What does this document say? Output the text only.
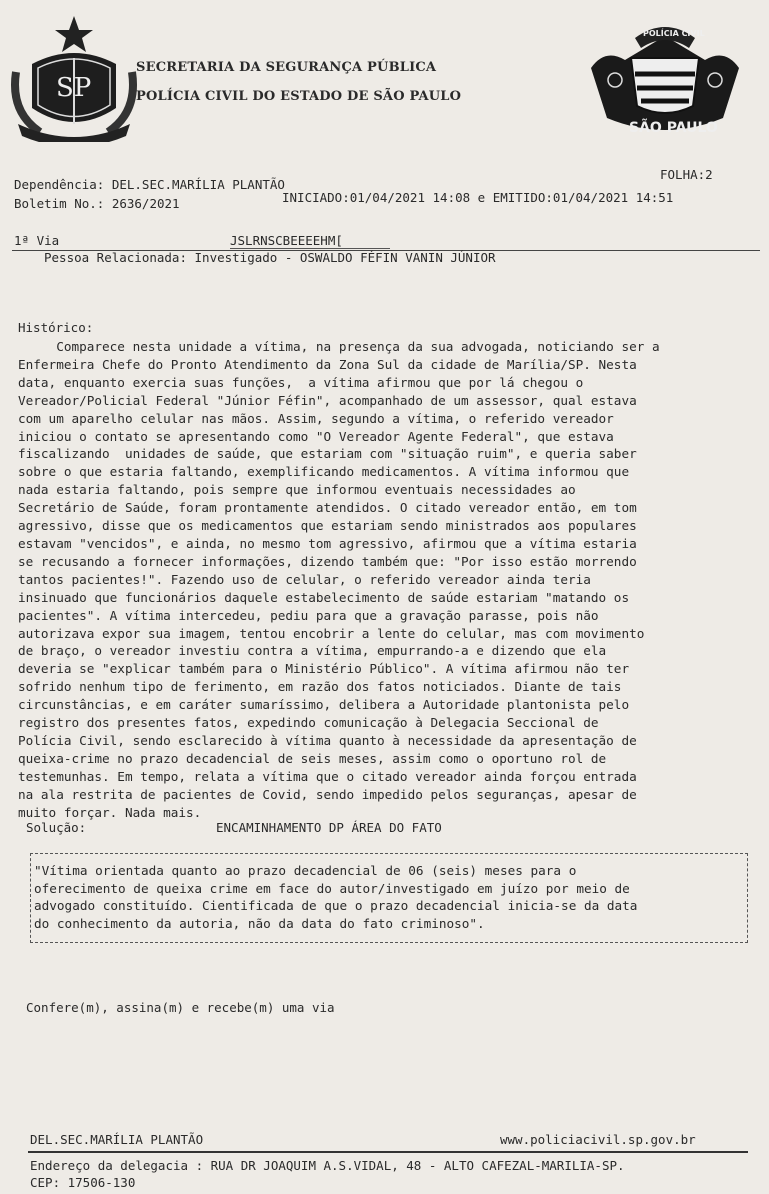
SP
POLÍCIA CIVIL
SÃO PAULO
SECRETARIA DA SEGURANÇA PÚBLICA
POLÍCIA CIVIL DO ESTADO DE SÃO PAULO
FOLHA:2
Dependência: DEL.SEC.MARÍLIA PLANTÃO
Boletim No.: 2636/2021	INICIADO:01/04/2021 14:08 e EMITIDO:01/04/2021 14:51
1ª Via	JSLRNSCBEEEEHM[
Pessoa Relacionada: Investigado - OSWALDO FÉFIN VANIN JÚNIOR
Histórico:
Comparece nesta unidade a vítima, na presença da sua advogada, noticiando ser a
Enfermeira Chefe do Pronto Atendimento da Zona Sul da cidade de Marília/SP. Nesta
data, enquanto exercia suas funções,  a vítima afirmou que por lá chegou o
Vereador/Policial Federal "Júnior Féfin", acompanhado de um assessor, qual estava
com um aparelho celular nas mãos. Assim, segundo a vítima, o referido vereador
iniciou o contato se apresentando como "O Vereador Agente Federal", que estava
fiscalizando  unidades de saúde, que estariam com "situação ruim", e queria saber
sobre o que estaria faltando, exemplificando medicamentos. A vítima informou que
nada estaria faltando, pois sempre que informou eventuais necessidades ao
Secretário de Saúde, foram prontamente atendidos. O citado vereador então, em tom
agressivo, disse que os medicamentos que estariam sendo ministrados aos populares
estavam "vencidos", e ainda, no mesmo tom agressivo, afirmou que a vítima estaria
se recusando a fornecer informações, dizendo também que: "Por isso estão morrendo
tantos pacientes!". Fazendo uso de celular, o referido vereador ainda teria
insinuado que funcionários daquele estabelecimento de saúde estariam "matando os
pacientes". A vítima intercedeu, pediu para que a gravação parasse, pois não
autorizava expor sua imagem, tentou encobrir a lente do celular, mas com movimento
de braço, o vereador investiu contra a vítima, empurrando-a e dizendo que ela
deveria se "explicar também para o Ministério Público". A vítima afirmou não ter
sofrido nenhum tipo de ferimento, em razão dos fatos noticiados. Diante de tais
circunstâncias, e em caráter sumaríssimo, delibera a Autoridade plantonista pelo
registro dos presentes fatos, expedindo comunicação à Delegacia Seccional de
Polícia Civil, sendo esclarecido à vítima quanto à necessidade da apresentação de
queixa-crime no prazo decadencial de seis meses, assim como o oportuno rol de
testemunhas. Em tempo, relata a vítima que o citado vereador ainda forçou entrada
na ala restrita de pacientes de Covid, sendo impedido pelos seguranças, apesar de
muito forçar. Nada mais.
Solução:	ENCAMINHAMENTO DP ÁREA DO FATO
"Vítima orientada quanto ao prazo decadencial de 06 (seis) meses para o
oferecimento de queixa crime em face do autor/investigado em juízo por meio de
advogado constituído. Cientificada de que o prazo decadencial inicia-se da data
do conhecimento da autoria, não da data do fato criminoso".
Confere(m), assina(m) e recebe(m) uma via
DEL.SEC.MARÍLIA PLANTÃO	www.policiacivil.sp.gov.br
Endereço da delegacia : RUA DR JOAQUIM A.S.VIDAL, 48 - ALTO CAFEZAL-MARILIA-SP.
CEP: 17506-130
